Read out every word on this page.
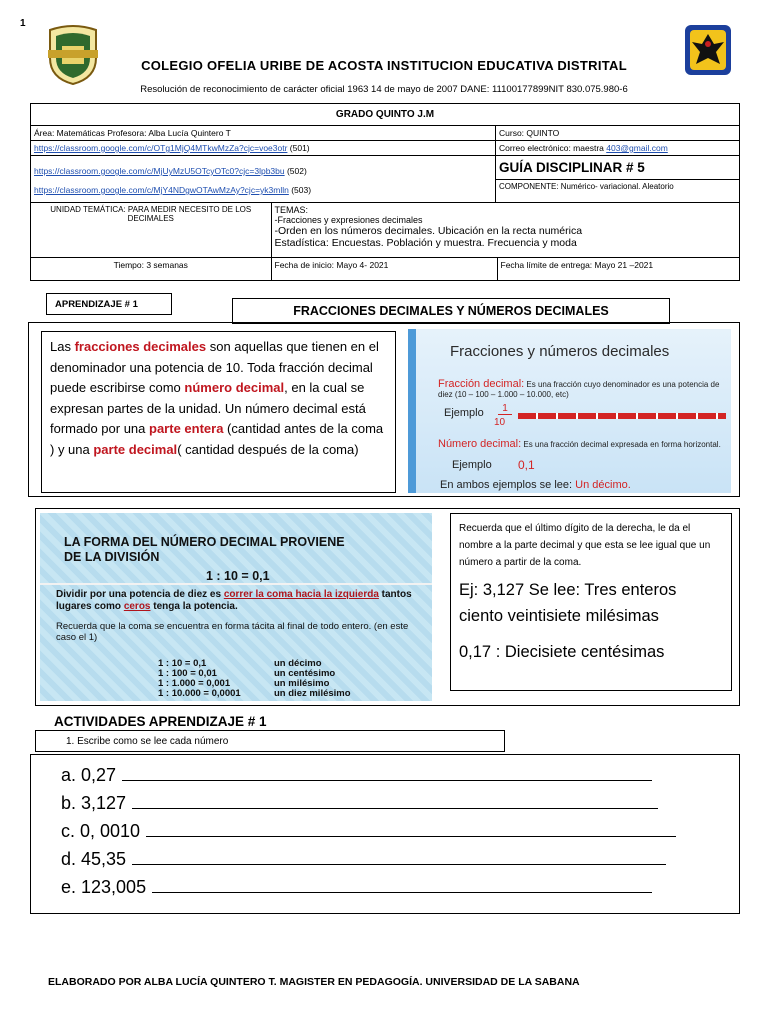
1
COLEGIO OFELIA URIBE DE ACOSTA INSTITUCION EDUCATIVA DISTRITAL
Resolución de reconocimiento de carácter oficial 1963 14 de mayo de 2007 DANE: 11100177899NIT 830.075.980-6
GRADO QUINTO J.M
Área: Matemáticas Profesora: Alba Lucía Quintero T	Curso: QUINTO
https://classroom.google.com/c/OTg1MjQ4MTkwMzZa?cjc=voe3otr (501)	Correo electrónico: maestra 403@gmail.com
https://classroom.google.com/c/MjUyMzU5OTcyOTc0?cjc=3lpb3bu (502)
https://classroom.google.com/c/MjY4NDgwOTAwMzAy?cjc=yk3mlln (503)	GUÍA DISCIPLINAR # 5
COMPONENTE: Numérico- variacional. Aleatorio

UNIDAD TEMÁTICA: PARA MEDIR NECESITO DE LOS DECIMALES	
TEMAS:
-Fracciones y expresiones decimales
-Orden en los números decimales. Ubicación en la recta numérica
Estadística: Encuestas. Población y muestra. Frecuencia y moda

Tiempo: 3 semanas	Fecha de inicio: Mayo 4- 2021	Fecha límite de entrega: Mayo 21 –2021
APRENDIZAJE # 1	FRACCIONES DECIMALES Y NÚMEROS DECIMALES
Las fracciones decimales son aquellas que tienen en el denominador una potencia de 10. Toda fracción decimal puede escribirse como número decimal, en la cual se expresan partes de la unidad. Un número decimal está formado por una parte entera (cantidad antes de la coma ) y una parte decimal( cantidad después de la coma)
Fracciones y números decimales
Fracción decimal: Es una fracción cuyo denominador es una potencia de diez (10 – 100 – 1.000 – 10.000, etc)
Ejemplo	1
10
Número decimal: Es una fracción decimal expresada en forma horizontal.
Ejemplo 0,1
En ambos ejemplos se lee: Un décimo.
LA FORMA DEL NÚMERO DECIMAL PROVIENE
DE LA DIVISIÓN
1 : 10 = 0,1
Dividir por una potencia de diez es correr la coma hacia la izquierda tantos lugares como ceros tenga la potencia.
Recuerda que la coma se encuentra en forma tácita al final de todo entero. (en este caso el 1)
1 : 10 = 0,1	un décimo
1 : 100 = 0,01	un centésimo
1 : 1.000 = 0,001	un milésimo
1 : 10.000 = 0,0001	un diez milésimo
Recuerda que el último dígito de la derecha, le da el nombre a la parte decimal y que esta se lee igual que un número a partir de la coma.
Ej: 3,127 Se lee: Tres enteros ciento veintisiete milésimas
0,17 : Diecisiete centésimas
ACTIVIDADES APRENDIZAJE # 1
1. Escribe como se lee cada número
a. 0,27
b. 3,127
c. 0, 0010
d. 45,35
e. 123,005
ELABORADO POR ALBA LUCÍA QUINTERO T. MAGISTER EN PEDAGOGÍA. UNIVERSIDAD DE LA SABANA
